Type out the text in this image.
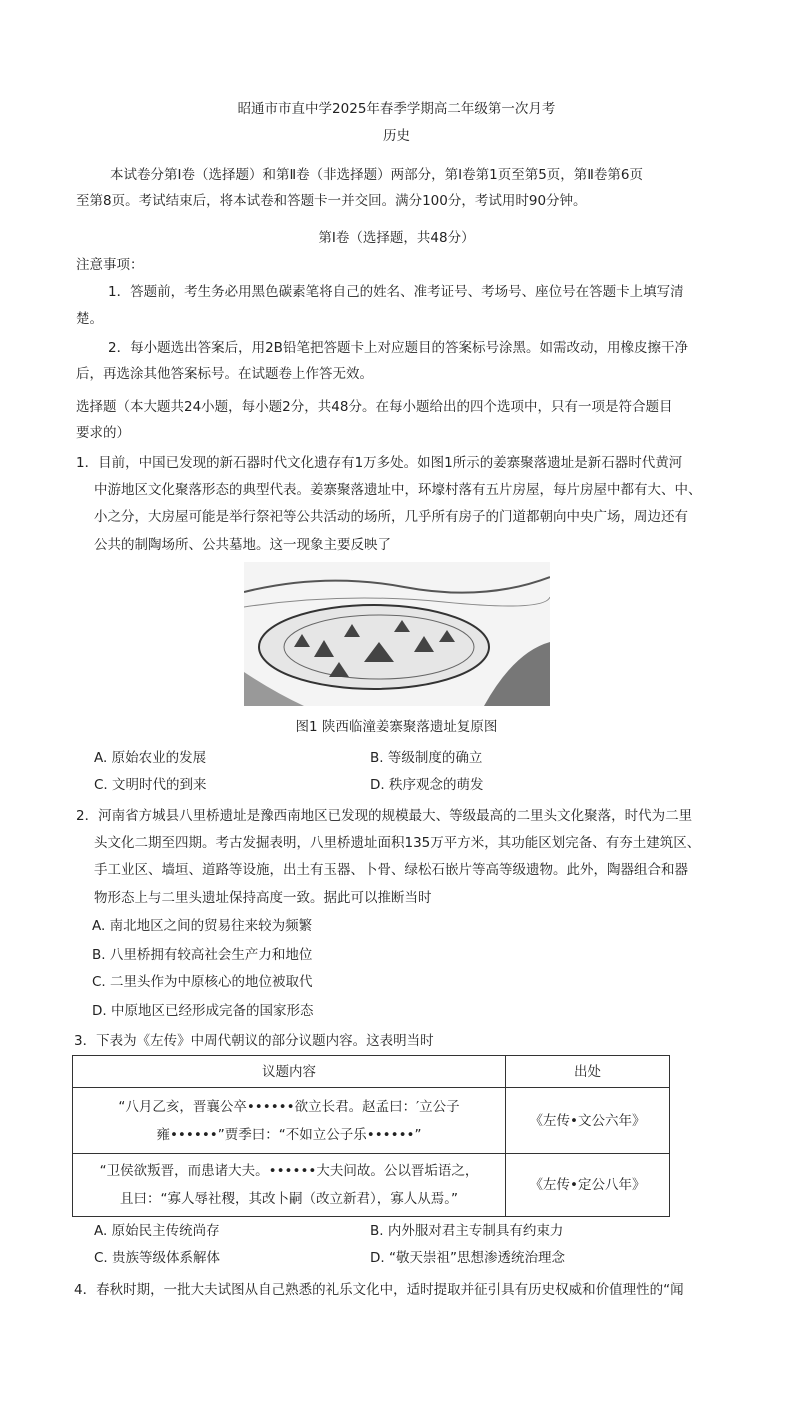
昭通市市直中学2025年春季学期高二年级第一次月考
历史
本试卷分第Ⅰ卷（选择题）和第Ⅱ卷（非选择题）两部分，第Ⅰ卷第1页至第5页，第Ⅱ卷第6页
至第8页。考试结束后，将本试卷和答题卡一并交回。满分100分，考试用时90分钟。
第Ⅰ卷（选择题，共48分）
注意事项：
1．答题前，考生务必用黑色碳素笔将自己的姓名、准考证号、考场号、座位号在答题卡上填写清
楚。
2．每小题选出答案后，用2B铅笔把答题卡上对应题目的答案标号涂黑。如需改动，用橡皮擦干净
后，再选涂其他答案标号。在试题卷上作答无效。
选择题（本大题共24小题，每小题2分，共48分。在每小题给出的四个选项中，只有一项是符合题目
要求的）
1．目前，中国已发现的新石器时代文化遗存有1万多处。如图1所示的姜寨聚落遗址是新石器时代黄河
中游地区文化聚落形态的典型代表。姜寨聚落遗址中，环壕村落有五片房屋，每片房屋中都有大、中、
小之分，大房屋可能是举行祭祀等公共活动的场所，几乎所有房子的门道都朝向中央广场，周边还有
公共的制陶场所、公共墓地。这一现象主要反映了
图1 陕西临潼姜寨聚落遗址复原图
A. 原始农业的发展	B. 等级制度的确立
C. 文明时代的到来	D. 秩序观念的萌发
2．河南省方城县八里桥遗址是豫西南地区已发现的规模最大、等级最高的二里头文化聚落，时代为二里
头文化二期至四期。考古发掘表明，八里桥遗址面积135万平方米，其功能区划完备、有夯土建筑区、
手工业区、墙垣、道路等设施，出土有玉器、卜骨、绿松石嵌片等高等级遗物。此外，陶器组合和器
物形态上与二里头遗址保持高度一致。据此可以推断当时
A. 南北地区之间的贸易往来较为频繁
B. 八里桥拥有较高社会生产力和地位
C. 二里头作为中原核心的地位被取代
D. 中原地区已经形成完备的国家形态
3．下表为《左传》中周代朝议的部分议题内容。这表明当时
议题内容	出处

“八月乙亥，晋襄公卒••••••欲立长君。赵孟曰：′立公子
雍••••••”贾季曰：“不如立公子乐••••••”	《左传•文公六年》

“卫侯欲叛晋，而患诸大夫。••••••大夫问故。公以晋垢语之，
且曰：“寡人辱社稷，其改卜嗣（改立新君），寡人从焉。”	《左传•定公八年》
A. 原始民主传统尚存	B. 内外服对君主专制具有约束力
C. 贵族等级体系解体	D. “敬天崇祖”思想渗透统治理念
4．春秋时期，一批大夫试图从自己熟悉的礼乐文化中，适时提取并征引具有历史权威和价值理性的“闻
